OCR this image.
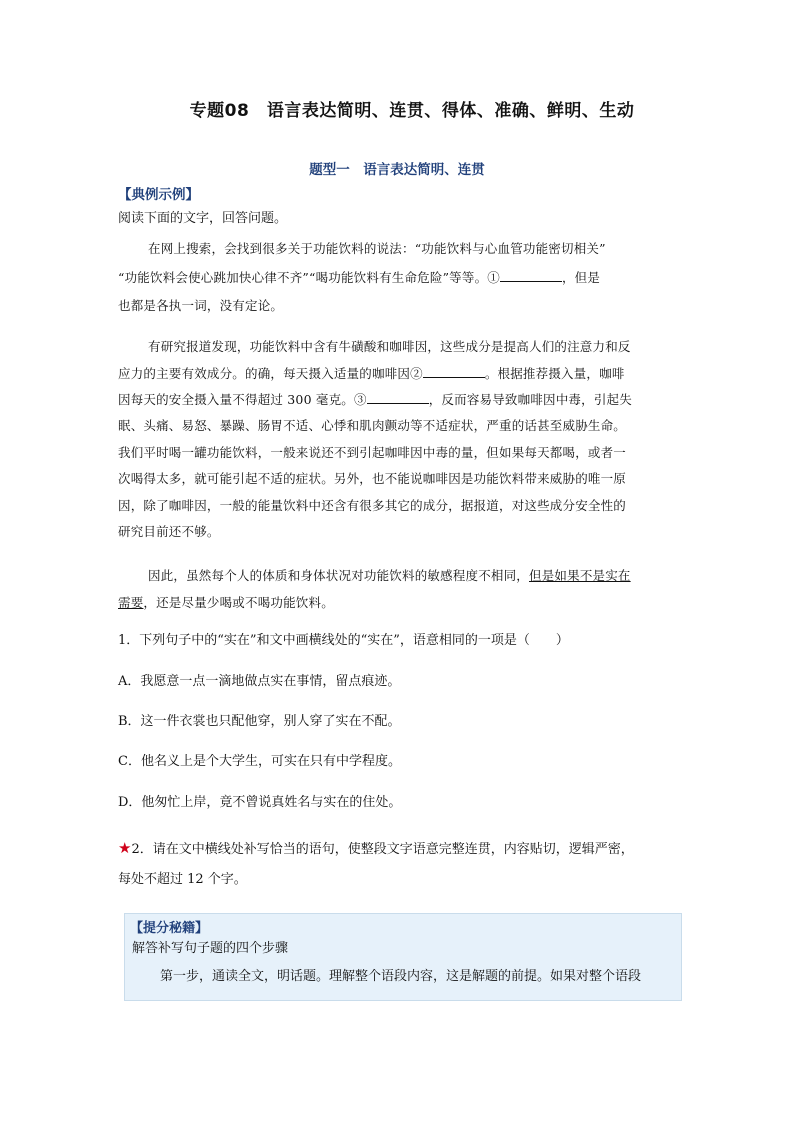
专题08　语言表达简明、连贯、得体、准确、鲜明、生动
题型一　语言表达简明、连贯
【典例示例】
阅读下面的文字，回答问题。
在网上搜索，会找到很多关于功能饮料的说法：“功能饮料与心血管功能密切相关”
“功能饮料会使心跳加快心律不齐”“喝功能饮料有生命危险”等等。①	，但是
也都是各执一词，没有定论。
有研究报道发现，功能饮料中含有牛磺酸和咖啡因，这些成分是提高人们的注意力和反
应力的主要有效成分。的确，每天摄入适量的咖啡因②	。根据推荐摄入量，咖啡
因每天的安全摄入量不得超过 300 毫克。③	，反而容易导致咖啡因中毒，引起失
眠、头痛、易怒、暴躁、肠胃不适、心悸和肌肉颤动等不适症状，严重的话甚至威胁生命。
我们平时喝一罐功能饮料，一般来说还不到引起咖啡因中毒的量，但如果每天都喝，或者一
次喝得太多，就可能引起不适的症状。另外，也不能说咖啡因是功能饮料带来威胁的唯一原
因，除了咖啡因，一般的能量饮料中还含有很多其它的成分，据报道，对这些成分安全性的
研究目前还不够。
因此，虽然每个人的体质和身体状况对功能饮料的敏感程度不相同，但是如果不是实在
需要，还是尽量少喝或不喝功能饮料。
1．下列句子中的“实在”和文中画横线处的“实在”，语意相同的一项是（　　）
A．我愿意一点一滴地做点实在事情，留点痕迹。
B．这一件衣裳也只配他穿，别人穿了实在不配。
C．他名义上是个大学生，可实在只有中学程度。
D．他匆忙上岸，竟不曾说真姓名与实在的住处。
★2．请在文中横线处补写恰当的语句，使整段文字语意完整连贯，内容贴切，逻辑严密，
每处不超过 12 个字。
【提分秘籍】
解答补写句子题的四个步骤
第一步，通读全文，明话题。理解整个语段内容，这是解题的前提。如果对整个语段
